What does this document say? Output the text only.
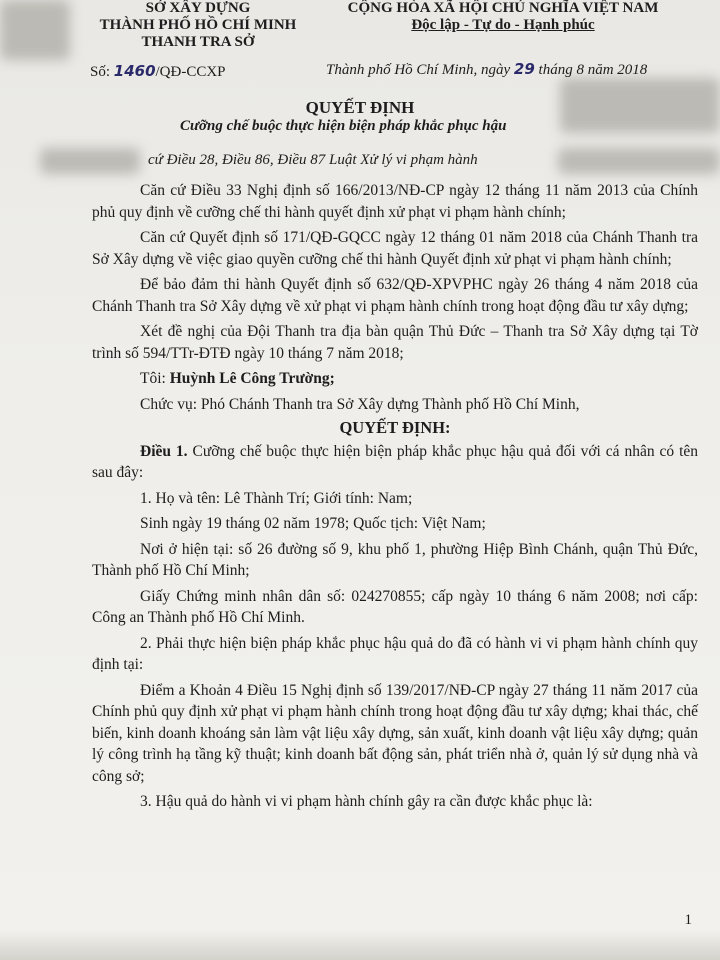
SỞ XÂY DỰNG
THÀNH PHỐ HỒ CHÍ MINH
THANH TRA SỞ
Số: 1460/QĐ-CCXP
CỘNG HÒA XÃ HỘI CHỦ NGHĨA VIỆT NAM
Độc lập - Tự do - Hạnh phúc
Thành phố Hồ Chí Minh, ngày 29 tháng 8 năm 2018
QUYẾT ĐỊNH
Cưỡng chế buộc thực hiện biện pháp khắc phục hậu
cứ Điều 28, Điều 86, Điều 87 Luật Xử lý vi phạm hành

Căn cứ Điều 33 Nghị định số 166/2013/NĐ-CP ngày 12 tháng 11 năm 2013 của Chính phủ quy định về cưỡng chế thi hành quyết định xử phạt vi phạm hành chính;

Căn cứ Quyết định số 171/QĐ-GQCC ngày 12 tháng 01 năm 2018 của Chánh Thanh tra Sở Xây dựng về việc giao quyền cưỡng chế thi hành Quyết định xử phạt vi phạm hành chính;

Để bảo đảm thi hành Quyết định số 632/QĐ-XPVPHC ngày 26 tháng 4 năm 2018 của Chánh Thanh tra Sở Xây dựng về xử phạt vi phạm hành chính trong hoạt động đầu tư xây dựng;

Xét đề nghị của Đội Thanh tra địa bàn quận Thủ Đức – Thanh tra Sở Xây dựng tại Tờ trình số 594/TTr-ĐTĐ ngày 10 tháng 7 năm 2018;

Tôi: Huỳnh Lê Công Trường;

Chức vụ: Phó Chánh Thanh tra Sở Xây dựng Thành phố Hồ Chí Minh,

QUYẾT ĐỊNH:

Điều 1. Cưỡng chế buộc thực hiện biện pháp khắc phục hậu quả đối với cá nhân có tên sau đây:

1. Họ và tên: Lê Thành Trí; Giới tính: Nam;

Sinh ngày 19 tháng 02 năm 1978; Quốc tịch: Việt Nam;

Nơi ở hiện tại: số 26 đường số 9, khu phố 1, phường Hiệp Bình Chánh, quận Thủ Đức, Thành phố Hồ Chí Minh;

Giấy Chứng minh nhân dân số: 024270855; cấp ngày 10 tháng 6 năm 2008; nơi cấp: Công an Thành phố Hồ Chí Minh.

2. Phải thực hiện biện pháp khắc phục hậu quả do đã có hành vi vi phạm hành chính quy định tại:

Điểm a Khoản 4 Điều 15 Nghị định số 139/2017/NĐ-CP ngày 27 tháng 11 năm 2017 của Chính phủ quy định xử phạt vi phạm hành chính trong hoạt động đầu tư xây dựng; khai thác, chế biến, kinh doanh khoáng sản làm vật liệu xây dựng, sản xuất, kinh doanh vật liệu xây dựng; quản lý công trình hạ tầng kỹ thuật; kinh doanh bất động sản, phát triển nhà ở, quản lý sử dụng nhà và công sở;

3. Hậu quả do hành vi vi phạm hành chính gây ra cần được khắc phục là:

1
